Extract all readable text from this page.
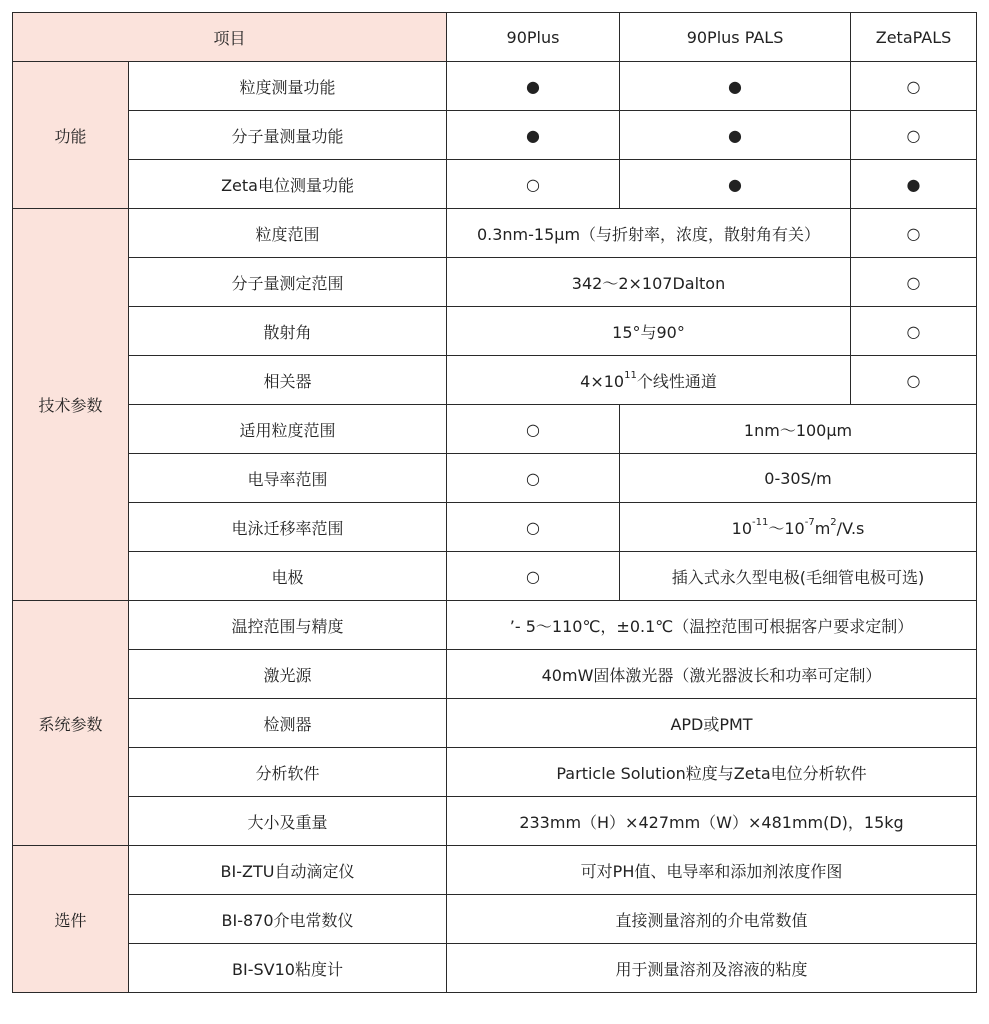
项目		90Plus	90Plus PALS	ZetaPALS
功能	粒度测量功能	●	●	○
	分子量测量功能	●	●	○
	Zeta电位测量功能	○	●	●
技术参数	粒度范围	0.3nm-15μm（与折射率，浓度，散射角有关）		○
	分子量测定范围	342～2×107Dalton		○
	散射角	15°与90°		○
	相关器	$4\times 10^{11}$个线性通道		○
	适用粒度范围	○	1nm～100μm	
	电导率范围	○	0-30S/m	
	电泳迁移率范围	○	$10^{-11}\sim 10^{-7}m^2/V.s$	
	电极	○	插入式永久型电极(毛细管电极可选)	
系统参数	温控范围与精度	’- 5～110℃，±0.1℃（温控范围可根据客户要求定制）		
	激光源	40mW固体激光器（激光器波长和功率可定制）		
	检测器	APD或PMT		
	分析软件	Particle Solution粒度与Zeta电位分析软件		
	大小及重量	233mm（H）×427mm（W）×481mm(D)，15kg		
选件	BI-ZTU自动滴定仪	可对PH值、电导率和添加剂浓度作图		
	BI-870介电常数仪	直接测量溶剂的介电常数值		
	BI-SV10粘度计	用于测量溶剂及溶液的粘度		
